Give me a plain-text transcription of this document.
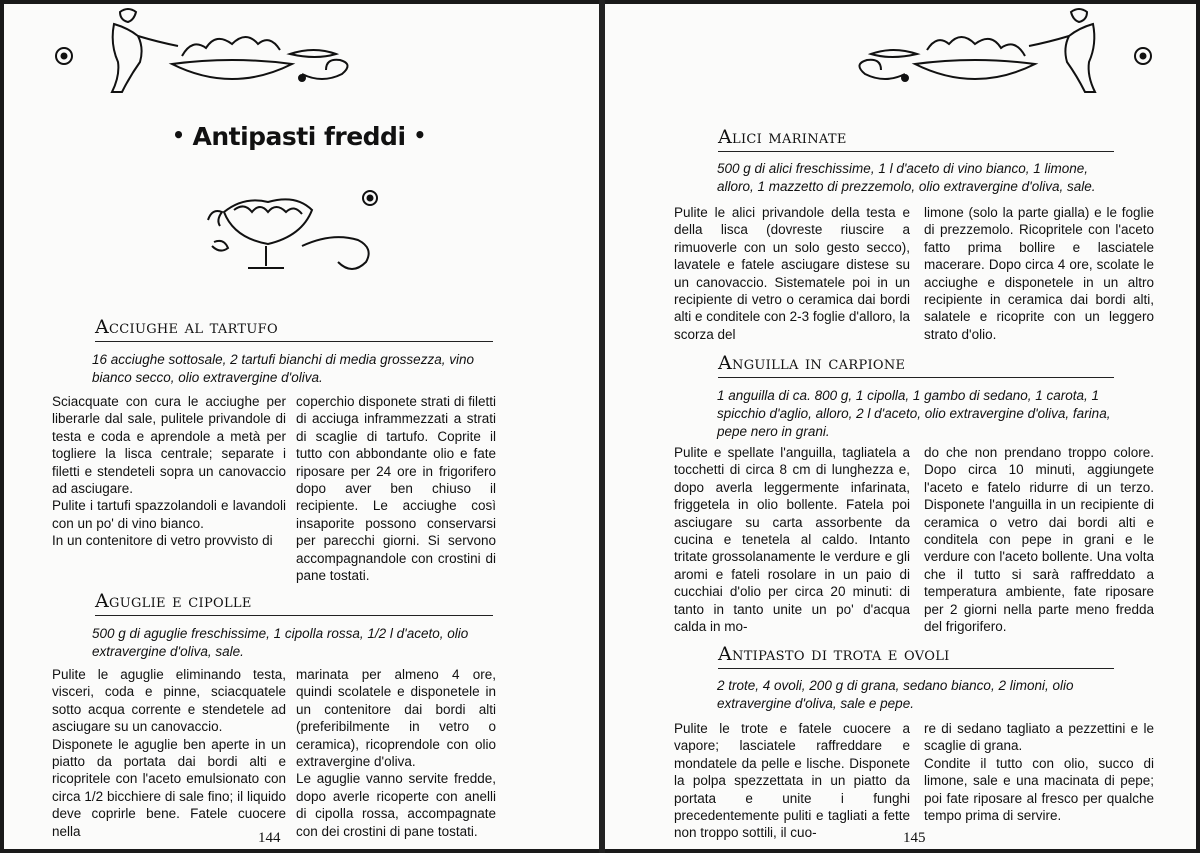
• Antipasti freddi •
Acciughe al tartufo
16 acciughe sottosale, 2 tartufi bianchi di media grossezza, vino bianco secco, olio extravergine d'oliva.

Sciacquate con cura le acciughe per liberarle dal sale, pulitele privandole di testa e coda e aprendole a metà per togliere la lisca centrale; separate i filetti e stendeteli sopra un canovaccio ad asciugare.

Pulite i tartufi spazzolandoli e lavandoli con un po' di vino bianco.

In un contenitore di vetro provvisto di

coperchio disponete strati di filetti di acciuga inframmezzati a strati di scaglie di tartufo. Coprite il tutto con abbondante olio e fate riposare per 24 ore in frigorifero dopo aver ben chiuso il recipiente. Le acciughe così insaporite possono conservarsi per parecchi giorni. Si servono accompagnandole con crostini di pane tostati.

Aguglie e cipolle
500 g di aguglie freschissime, 1 cipolla rossa, 1/2 l d'aceto, olio extravergine d'oliva, sale.

Pulite le aguglie eliminando testa, visceri, coda e pinne, sciacquatele sotto acqua corrente e stendetele ad asciugare su un canovaccio.

Disponete le aguglie ben aperte in un piatto da portata dai bordi alti e ricopritele con l'aceto emulsionato con circa 1/2 bicchiere di sale fino; il liquido deve coprirle bene. Fatele cuocere nella

marinata per almeno 4 ore, quindi scolatele e disponetele in un contenitore dai bordi alti (preferibilmente in vetro o ceramica), ricoprendole con olio extravergine d'oliva.

Le aguglie vanno servite fredde, dopo averle ricoperte con anelli di cipolla rossa, accompagnate con dei crostini di pane tostati.

144
Alici marinate
500 g di alici freschissime, 1 l d'aceto di vino bianco, 1 limone, alloro, 1 mazzetto di prezzemolo, olio extravergine d'oliva, sale.

Pulite le alici privandole della testa e della lisca (dovreste riuscire a rimuoverle con un solo gesto secco), lavatele e fatele asciugare distese su un canovaccio. Sistematele poi in un recipiente di vetro o ceramica dai bordi alti e conditele con 2-3 foglie d'alloro, la scorza del

limone (solo la parte gialla) e le foglie di prezzemolo. Ricopritele con l'aceto fatto prima bollire e lasciatele macerare. Dopo circa 4 ore, scolate le acciughe e disponetele in un altro recipiente in ceramica dai bordi alti, salatele e ricoprite con un leggero strato d'olio.

Anguilla in carpione
1 anguilla di ca. 800 g, 1 cipolla, 1 gambo di sedano, 1 carota, 1 spicchio d'aglio, alloro, 2 l d'aceto, olio extravergine d'oliva, farina, pepe nero in grani.

Pulite e spellate l'anguilla, tagliatela a tocchetti di circa 8 cm di lunghezza e, dopo averla leggermente infarinata, friggetela in olio bollente. Fatela poi asciugare su carta assorbente da cucina e tenetela al caldo. Intanto tritate grossolanamente le verdure e gli aromi e fateli rosolare in un paio di cucchiai d'olio per circa 20 minuti: di tanto in tanto unite un po' d'acqua calda in mo-

do che non prendano troppo colore. Dopo circa 10 minuti, aggiungete l'aceto e fatelo ridurre di un terzo. Disponete l'anguilla in un recipiente di ceramica o vetro dai bordi alti e conditela con pepe in grani e le verdure con l'aceto bollente. Una volta che il tutto si sarà raffreddato a temperatura ambiente, fate riposare per 2 giorni nella parte meno fredda del frigorifero.

Antipasto di trota e ovoli
2 trote, 4 ovoli, 200 g di grana, sedano bianco, 2 limoni, olio extravergine d'oliva, sale e pepe.

Pulite le trote e fatele cuocere a vapore; lasciatele raffreddare e mondatele da pelle e lische. Disponete la polpa spezzettata in un piatto da portata e unite i funghi precedentemente puliti e tagliati a fette non troppo sottili, il cuo-

re di sedano tagliato a pezzettini e le scaglie di grana.

Condite il tutto con olio, succo di limone, sale e una macinata di pepe; poi fate riposare al fresco per qualche tempo prima di servire.

145
